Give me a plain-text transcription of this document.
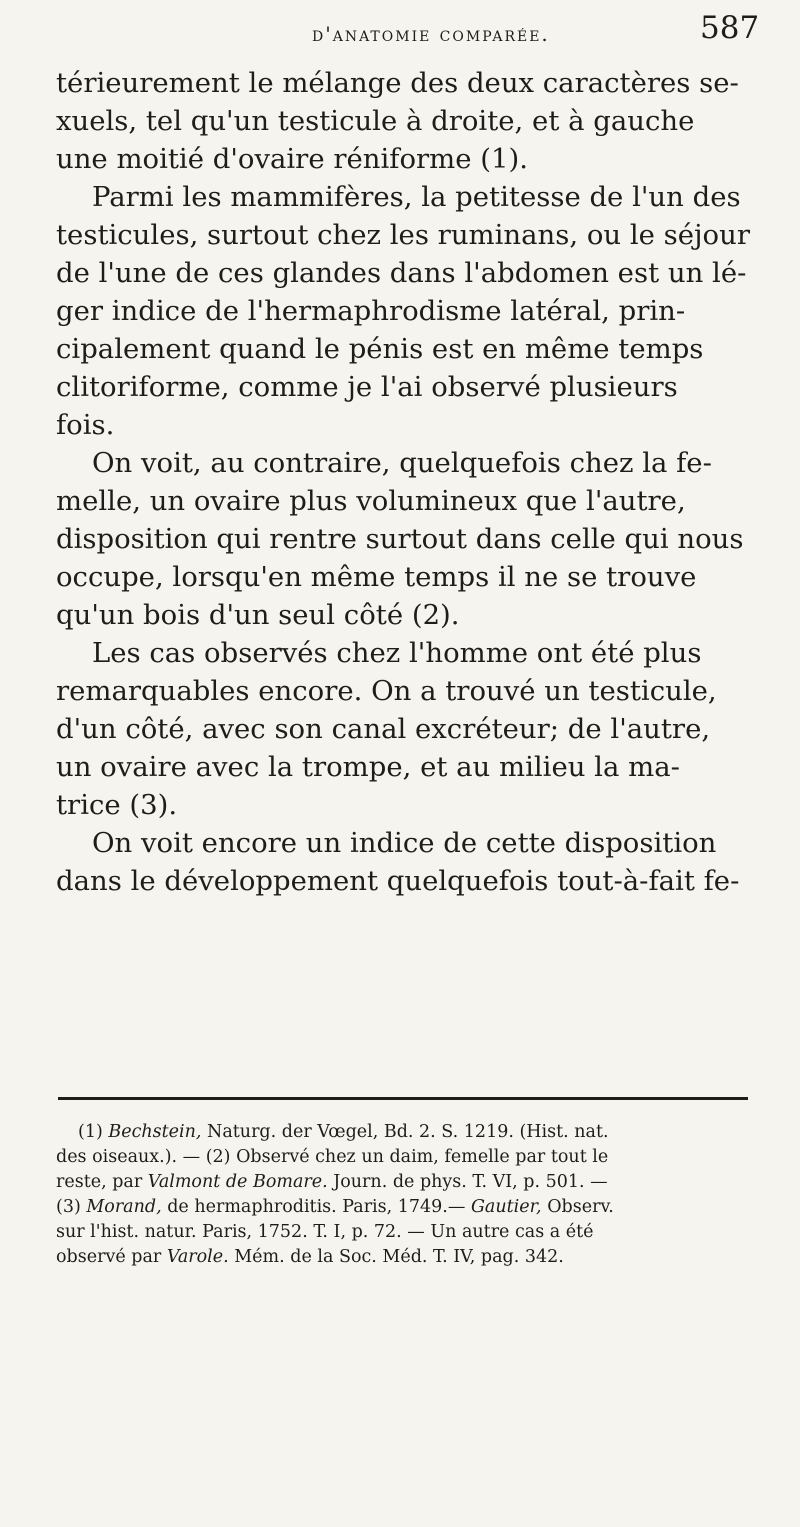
d'anatomie comparée.	587
térieurement le mélange des deux caractères se-
xuels, tel qu'un testicule à droite, et à gauche
une moitié d'ovaire réniforme (1).
Parmi les mammifères, la petitesse de l'un des
testicules, surtout chez les ruminans, ou le séjour
de l'une de ces glandes dans l'abdomen est un lé-
ger indice de l'hermaphrodisme latéral, prin-
cipalement quand le pénis est en même temps
clitoriforme, comme je l'ai observé plusieurs
fois.
On voit, au contraire, quelquefois chez la fe-
melle, un ovaire plus volumineux que l'autre,
disposition qui rentre surtout dans celle qui nous
occupe, lorsqu'en même temps il ne se trouve
qu'un bois d'un seul côté (2).
Les cas observés chez l'homme ont été plus
remarquables encore. On a trouvé un testicule,
d'un côté, avec son canal excréteur; de l'autre,
un ovaire avec la trompe, et au milieu la ma-
trice (3).
On voit encore un indice de cette disposition
dans le développement quelquefois tout-à-fait fe-
(1) Bechstein, Naturg. der Vœgel, Bd. 2. S. 1219. (Hist. nat.
des oiseaux.). — (2) Observé chez un daim, femelle par tout le
reste, par Valmont de Bomare. Journ. de phys. T. VI, p. 501. —
(3) Morand, de hermaphroditis. Paris, 1749.— Gautier, Observ.
sur l'hist. natur. Paris, 1752. T. I, p. 72. — Un autre cas a été
observé par Varole. Mém. de la Soc. Méd. T. IV, pag. 342.
